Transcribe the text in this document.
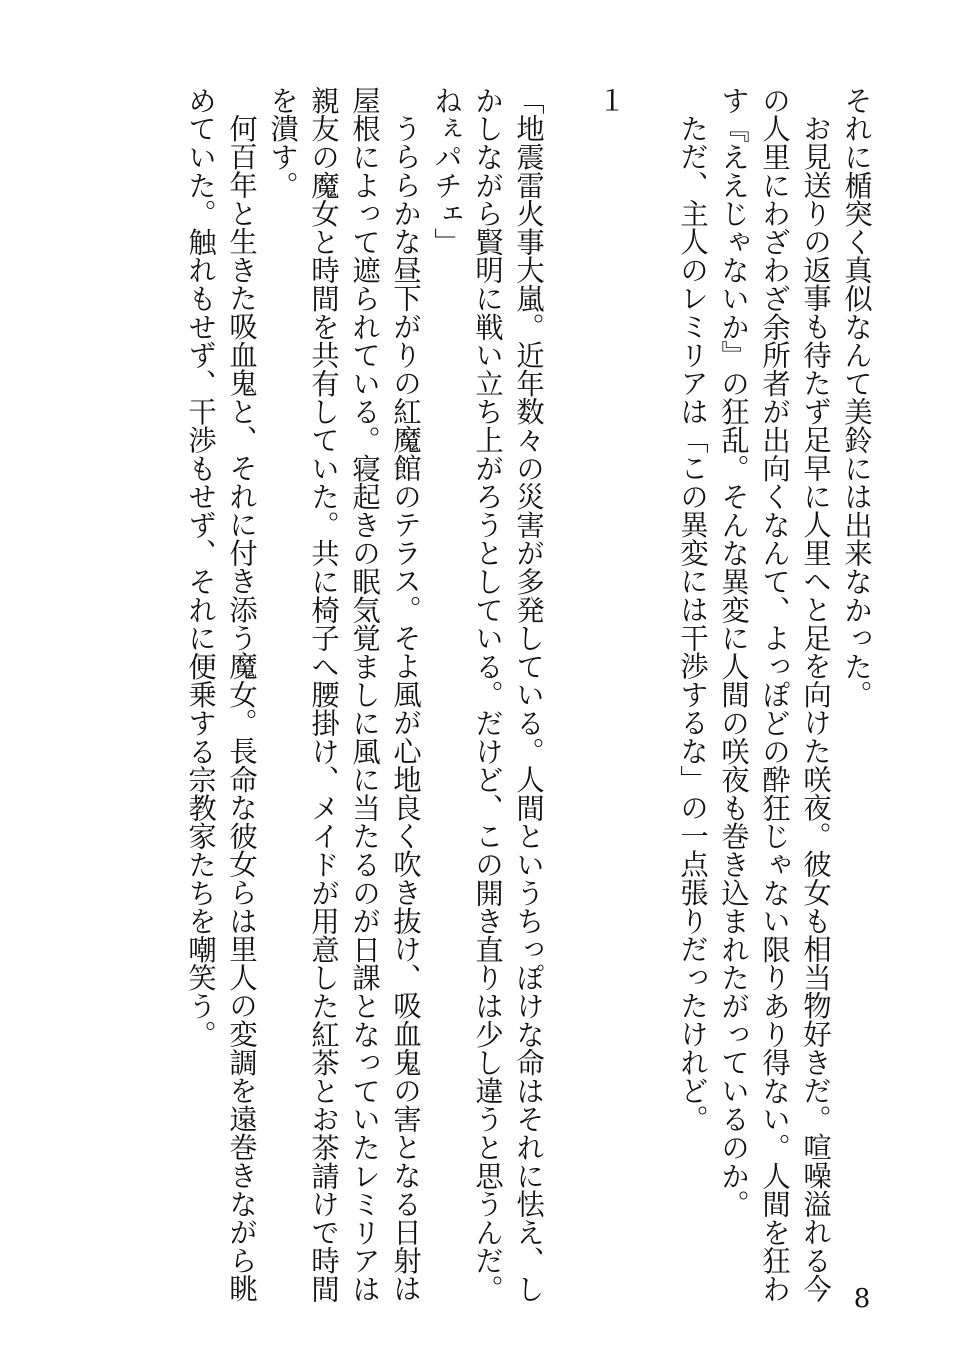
それに楯突く真似なんて美鈴には出来なかった。
お見送りの返事も待たず足早に人里へと足を向けた咲夜。彼女も相当物好きだ。喧噪溢れる今
の人里にわざわざ余所者が出向くなんて、よっぽどの酔狂じゃない限りあり得ない。人間を狂わ
す『ええじゃないか』の狂乱。そんな異変に人間の咲夜も巻き込まれたがっているのか。
ただ、主人のレミリアは「この異変には干渉するな」の一点張りだったけれど。
１
「地震雷火事大嵐。近年数々の災害が多発している。人間というちっぽけな命はそれに怯え、し
かしながら賢明に戦い立ち上がろうとしている。だけど、この開き直りは少し違うと思うんだ。
ねぇパチェ」
うららかな昼下がりの紅魔館のテラス。そよ風が心地良く吹き抜け、吸血鬼の害となる日射は
屋根によって遮られている。寝起きの眠気覚ましに風に当たるのが日課となっていたレミリアは
親友の魔女と時間を共有していた。共に椅子へ腰掛け、メイドが用意した紅茶とお茶請けで時間
を潰す。
何百年と生きた吸血鬼と、それに付き添う魔女。長命な彼女らは里人の変調を遠巻きながら眺
めていた。触れもせず、干渉もせず、それに便乗する宗教家たちを嘲笑う。
8
